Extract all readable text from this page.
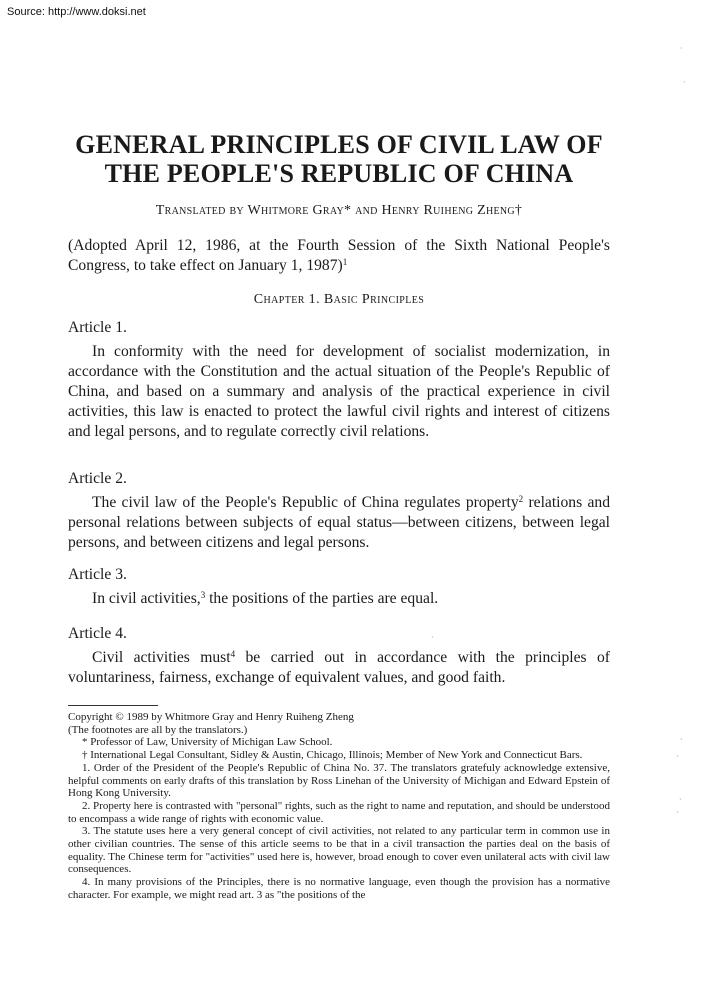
Source: http://www.doksi.net
GENERAL PRINCIPLES OF CIVIL LAW OF
THE PEOPLE'S REPUBLIC OF CHINA
Translated by Whitmore Gray* and Henry Ruiheng Zheng†
(Adopted April 12, 1986, at the Fourth Session of the Sixth National People's Congress, to take effect on January 1, 1987)$^1$
Chapter 1. Basic Principles

Article 1.

In conformity with the need for development of socialist modernization, in accordance with the Constitution and the actual situation of the People's Republic of China, and based on a summary and analysis of the practical experience in civil activities, this law is enacted to protect the lawful civil rights and interest of citizens and legal persons, and to regulate correctly civil relations.

Article 2.

The civil law of the People's Republic of China regulates property$^2$ relations and personal relations between subjects of equal status—between citizens, between legal persons, and between citizens and legal persons.

Article 3.

In civil activities,$^3$ the positions of the parties are equal.

Article 4.

Civil activities must$^4$ be carried out in accordance with the principles of voluntariness, fairness, exchange of equivalent values, and good faith.

Copyright © 1989 by Whitmore Gray and Henry Ruiheng Zheng

(The footnotes are all by the translators.)

* Professor of Law, University of Michigan Law School.

† International Legal Consultant, Sidley & Austin, Chicago, Illinois; Member of New York and Connecticut Bars.

1. Order of the President of the People's Republic of China No. 37. The translators gratefuly acknowledge extensive, helpful comments on early drafts of this translation by Ross Linehan of the University of Michigan and Edward Epstein of Hong Kong University.

2. Property here is contrasted with "personal" rights, such as the right to name and reputation, and should be understood to encompass a wide range of rights with economic value.

3. The statute uses here a very general concept of civil activities, not related to any particular term in common use in other civilian countries. The sense of this article seems to be that in a civil transaction the parties deal on the basis of equality. The Chinese term for "activities" used here is, however, broad enough to cover even unilateral acts with civil law consequences.

4. In many provisions of the Principles, there is no normative language, even though the provision has a normative character. For example, we might read art. 3 as "the positions of the

·
·
·
·
·
·
·
